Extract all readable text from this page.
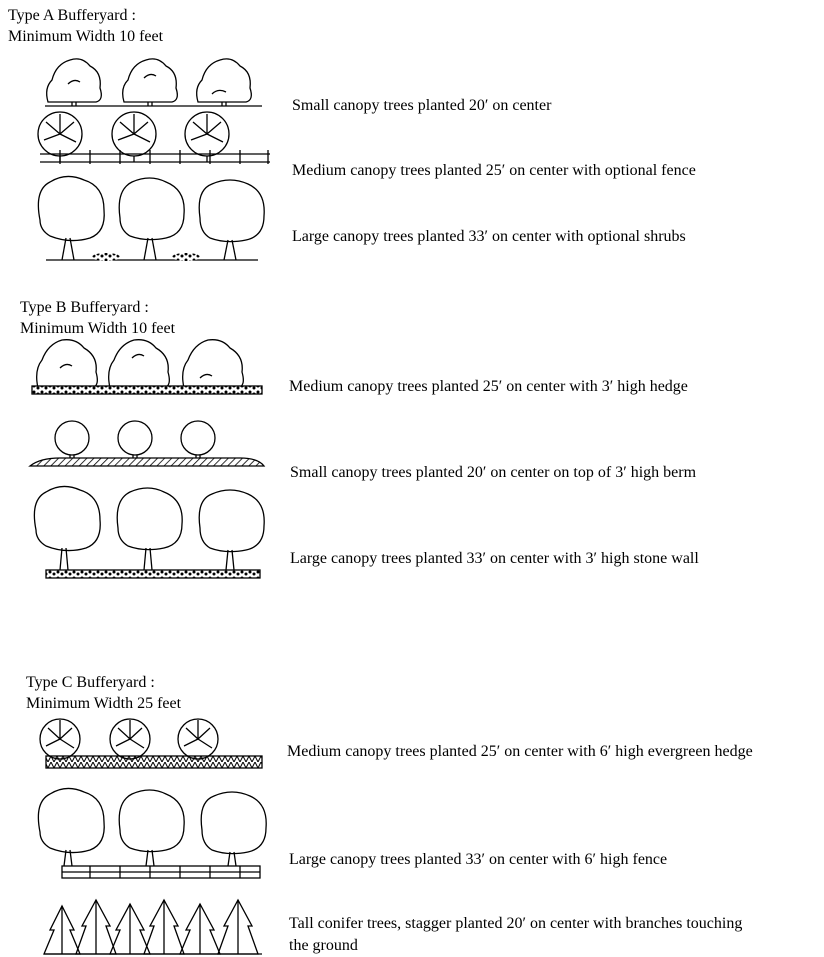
Type A Bufferyard :
Minimum Width 10 feet
Type B Bufferyard :
Minimum Width 10 feet
Type C Bufferyard :
Minimum Width 25 feet
Small canopy trees planted 20′ on center
Medium canopy trees planted 25′ on center with optional fence
Large canopy trees planted 33′ on center with optional shrubs
Medium canopy trees planted 25′ on center with 3′ high hedge
Small canopy trees planted 20′ on center on top of 3′ high berm
Large canopy trees planted 33′ on center with 3′ high stone wall
Medium canopy trees planted 25′ on center with 6′ high evergreen hedge
Large canopy trees planted 33′ on center with 6′ high fence
Tall conifer trees, stagger planted 20′ on center with branches touching the ground
